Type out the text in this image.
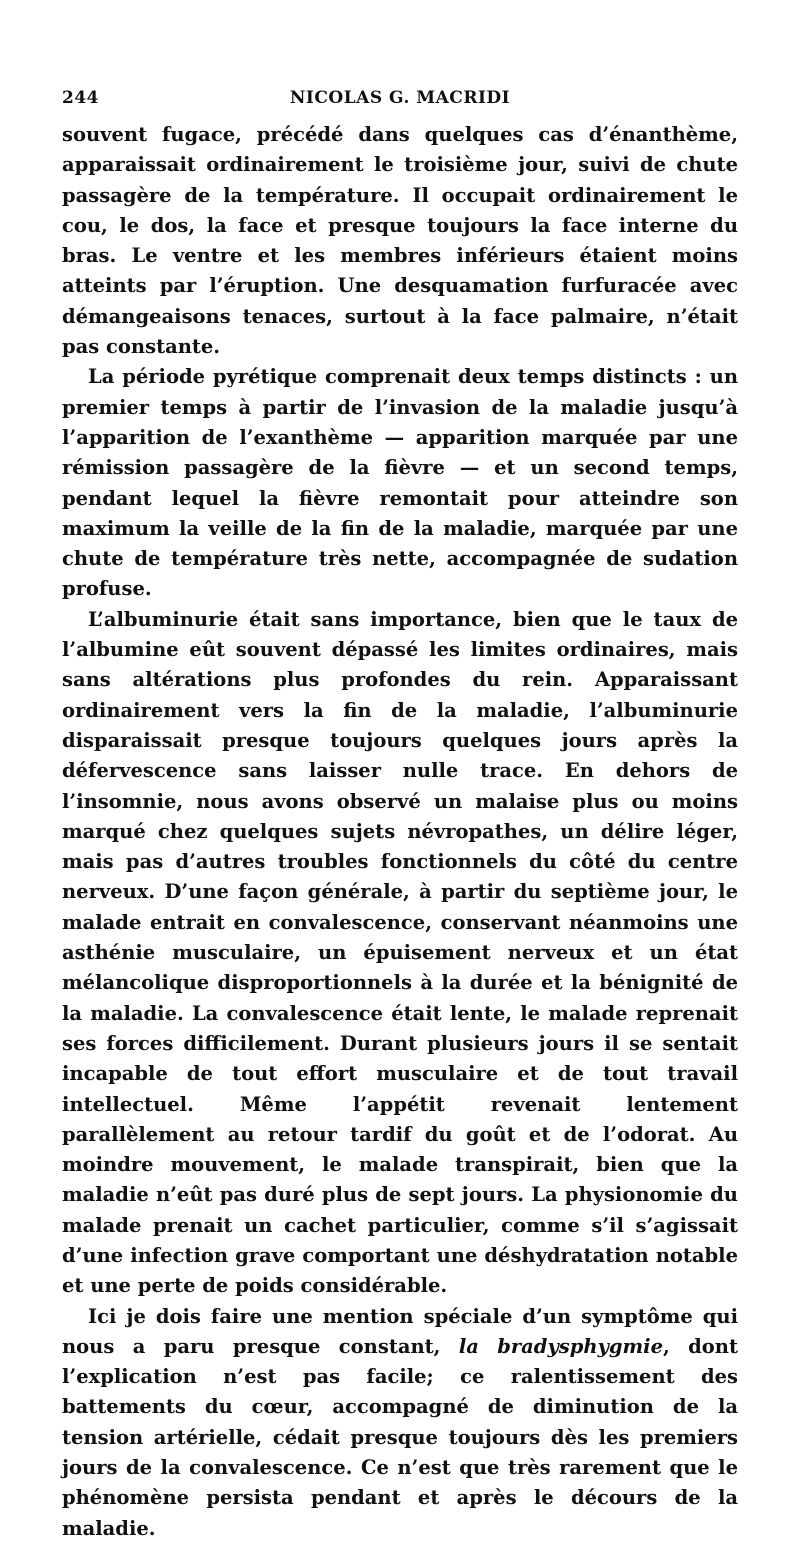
244	NICOLAS G. MACRIDI

souvent fugace, précédé dans quelques cas d’énanthème, apparaissait ordinairement le troisième jour, suivi de chute passagère de la température. Il occupait ordinairement le cou, le dos, la face et presque toujours la face interne du bras. Le ventre et les membres inférieurs étaient moins atteints par l’éruption. Une desquamation furfuracée avec démangeaisons tenaces, surtout à la face palmaire, n’était pas constante.

La période pyrétique comprenait deux temps distincts : un premier temps à partir de l’invasion de la maladie jusqu’à l’apparition de l’exanthème — apparition marquée par une rémission passagère de la fièvre — et un second temps, pendant lequel la fièvre remontait pour atteindre son maximum la veille de la fin de la maladie, marquée par une chute de température très nette, accompagnée de sudation profuse.

L’albuminurie était sans importance, bien que le taux de l’albumine eût souvent dépassé les limites ordinaires, mais sans altérations plus profondes du rein. Apparaissant ordinairement vers la fin de la maladie, l’albuminurie disparaissait presque toujours quelques jours après la défervescence sans laisser nulle trace. En dehors de l’insomnie, nous avons observé un malaise plus ou moins marqué chez quelques sujets névropathes, un délire léger, mais pas d’autres troubles fonctionnels du côté du centre nerveux. D’une façon générale, à partir du septième jour, le malade entrait en convalescence, conservant néanmoins une asthénie musculaire, un épuisement nerveux et un état mélancolique disproportionnels à la durée et la bénignité de la maladie. La convalescence était lente, le malade reprenait ses forces difficilement. Durant plusieurs jours il se sentait incapable de tout effort musculaire et de tout travail intellectuel. Même l’appétit revenait lentement parallèlement au retour tardif du goût et de l’odorat. Au moindre mouvement, le malade transpirait, bien que la maladie n’eût pas duré plus de sept jours. La physionomie du malade prenait un cachet particulier, comme s’il s’agissait d’une infection grave comportant une déshydratation notable et une perte de poids considérable.

Ici je dois faire une mention spéciale d’un symptôme qui nous a paru presque constant, la bradysphygmie, dont l’explication n’est pas facile; ce ralentissement des battements du cœur, accompagné de diminution de la tension artérielle, cédait presque toujours dès les premiers jours de la convalescence. Ce n’est que très rarement que le phénomène persista pendant et après le décours de la maladie.
